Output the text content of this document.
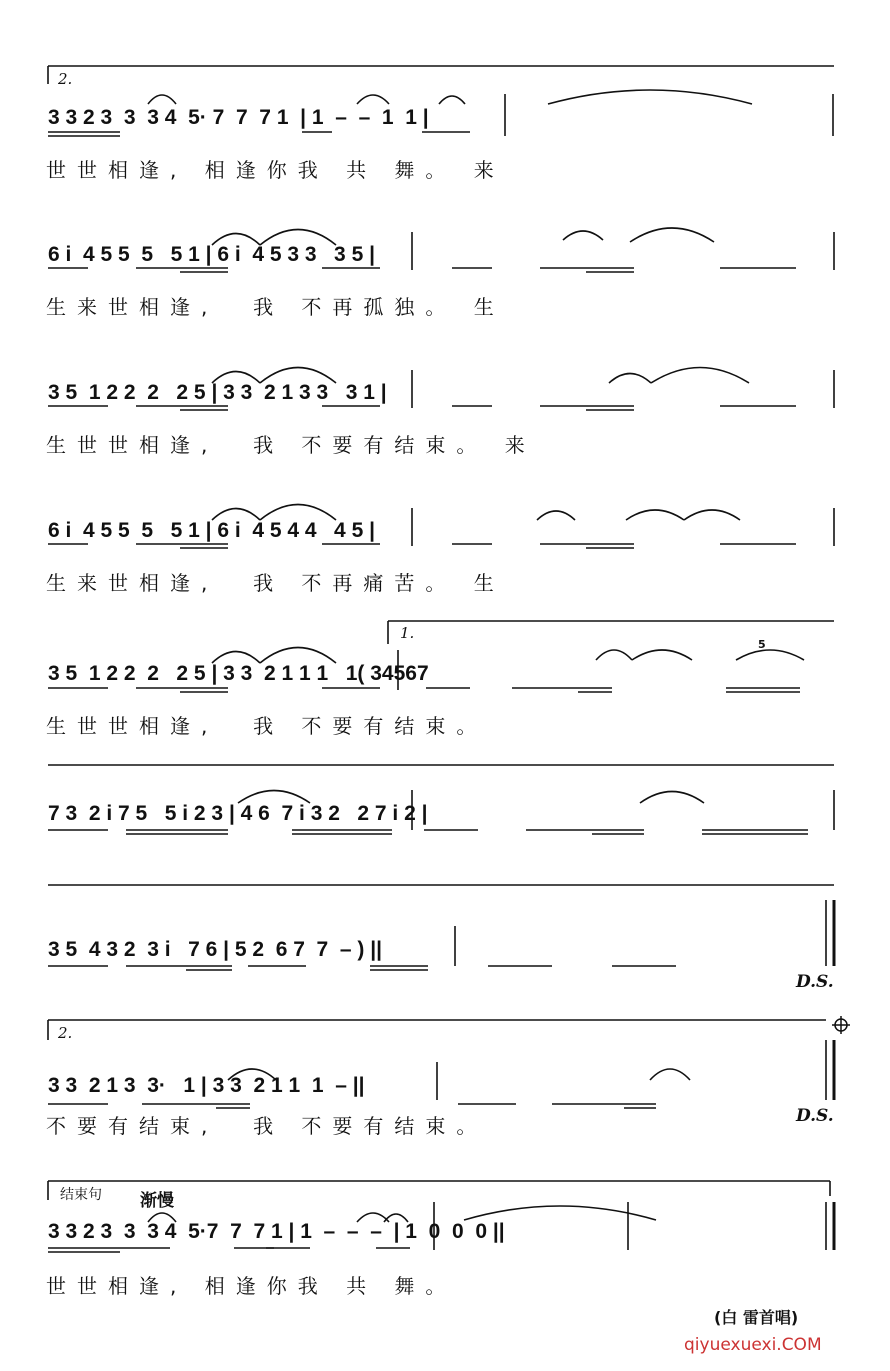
2.
1.
2.
结束句 渐慢
3 3 2 3  3  3 4  5· 7  7  7 1  | 1  –  –  1  1 |
6 i  4 5 5  5   5 1 | 6 i  4 5 3 3   3 5 |
3 5  1 2 2  2   2 5 | 3 3  2 1 3 3   3 1 |
6 i  4 5 5  5   5 1 | 6 i  4 5 4 4   4 5 |
3 5  1 2 2  2   2 5 | 3 3  2 1 1 1   1( 34567
7 3  2 i 7 5   5 i 2 3 | 4 6  7 i 3 2   2 7 i 2 |
3 5  4 3 2  3 i   7 6 | 5 2  6 7  7  – ) ||
3 3  2 1 3  3·   1 | 3 3  2 1 1  1  – ||
3 3 2 3  3  3 4  5·7  7  7 1 | 1  –  –  –  | 1  0  0  0 ||
5
世世相逢, 相逢你我 共 舞。 来
生来世相逢,  我 不再孤独。 生
生世世相逢,  我 不要有结束。 来
生来世相逢,  我 不再痛苦。 生
生世世相逢,  我 不要有结束。
不要有结束,  我 不要有结束。
世世相逢, 相逢你我 共 舞。
D.S.
D.S.
(白 雷首唱)
qiyuexuexi.COM
